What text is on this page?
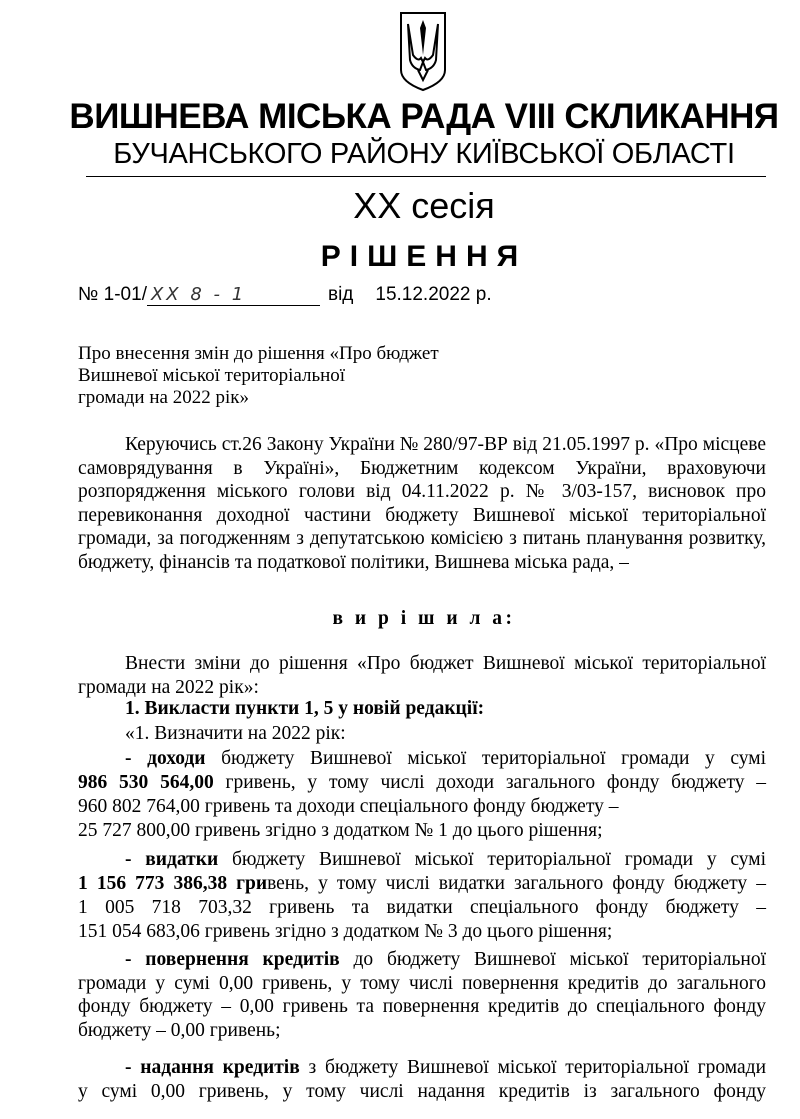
ВИШНЕВА МІСЬКА РАДА VIII СКЛИКАННЯ
БУЧАНСЬКОГО РАЙОНУ КИЇВСЬКОЇ ОБЛАСТІ
XX сесія
РІШЕННЯ
№ 1-01/ XX 8 - 1	від 15.12.2022 р.
Про внесення змін до рішення «Про бюджет
Вишневої міської територіальної
громади на 2022 рік»
Керуючись ст.26 Закону України № 280/97-ВР від 21.05.1997 р. «Про місцеве самоврядування в Україні», Бюджетним кодексом України, враховуючи розпорядження міського голови від 04.11.2022 р. № 3/03-157, висновок про перевиконання доходної частини бюджету Вишневої міської територіальної громади, за погодженням з депутатською комісією з питань планування розвитку, бюджету, фінансів та податкової політики, Вишнева міська рада, –
в и р і ш и л а:
Внести зміни до рішення «Про бюджет Вишневої міської територіальної громади на 2022 рік»:
1. Викласти пункти 1, 5 у новій редакції:
«1. Визначити на 2022 рік:
- доходи бюджету Вишневої міської територіальної громади у сумі
986 530 564,00 гривень, у тому числі доходи загального фонду бюджету –
960 802 764,00 гривень та доходи спеціального фонду бюджету –
25 727 800,00 гривень згідно з додатком № 1 до цього рішення;
- видатки бюджету Вишневої міської територіальної громади у сумі
1 156 773 386,38 гривень, у тому числі видатки загального фонду бюджету –
1 005 718 703,32 гривень та видатки спеціального фонду бюджету –
151 054 683,06 гривень згідно з додатком № 3 до цього рішення;
- повернення кредитів до бюджету Вишневої міської територіальної громади у сумі 0,00 гривень, у тому числі повернення кредитів до загального фонду бюджету – 0,00 гривень та повернення кредитів до спеціального фонду бюджету – 0,00 гривень;
- надання кредитів з бюджету Вишневої міської територіальної громади
у сумі 0,00 гривень, у тому числі надання кредитів із загального фонду
